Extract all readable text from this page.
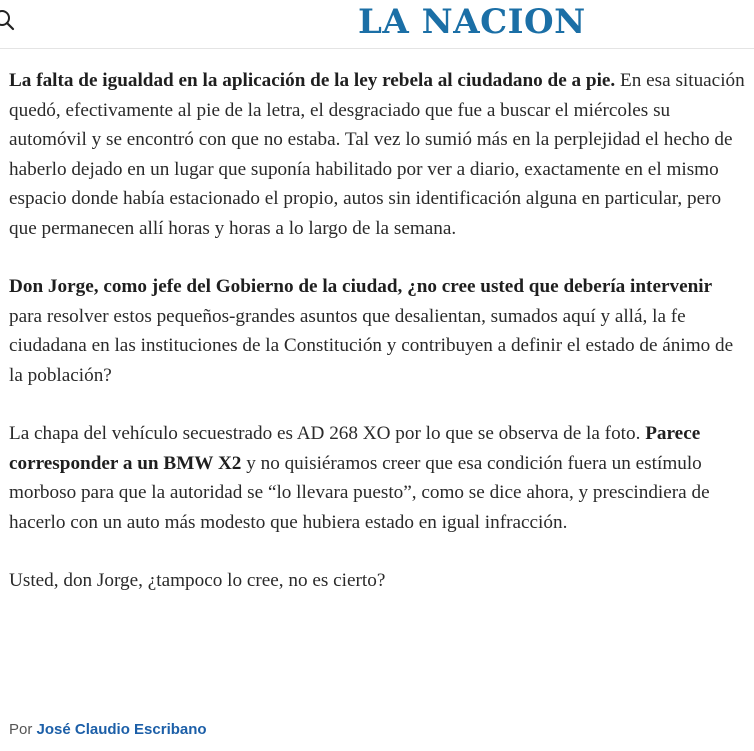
LA NACION

La falta de igualdad en la aplicación de la ley rebela al ciudadano de a pie. En esa situación quedó, efectivamente al pie de la letra, el desgraciado que fue a buscar el miércoles su automóvil y se encontró con que no estaba. Tal vez lo sumió más en la perplejidad el hecho de haberlo dejado en un lugar que suponía habilitado por ver a diario, exactamente en el mismo espacio donde había estacionado el propio, autos sin identificación alguna en particular, pero que permanecen allí horas y horas a lo largo de la semana.

Don Jorge, como jefe del Gobierno de la ciudad, ¿no cree usted que debería intervenir para resolver estos pequeños-grandes asuntos que desalientan, sumados aquí y allá, la fe ciudadana en las instituciones de la Constitución y contribuyen a definir el estado de ánimo de la población?

La chapa del vehículo secuestrado es AD 268 XO por lo que se observa de la foto. Parece corresponder a un BMW X2 y no quisiéramos creer que esa condición fuera un estímulo morboso para que la autoridad se “lo llevara puesto”, como se dice ahora, y prescindiera de hacerlo con un auto más modesto que hubiera estado en igual infracción.

Usted, don Jorge, ¿tampoco lo cree, no es cierto?

Por José Claudio Escribano
